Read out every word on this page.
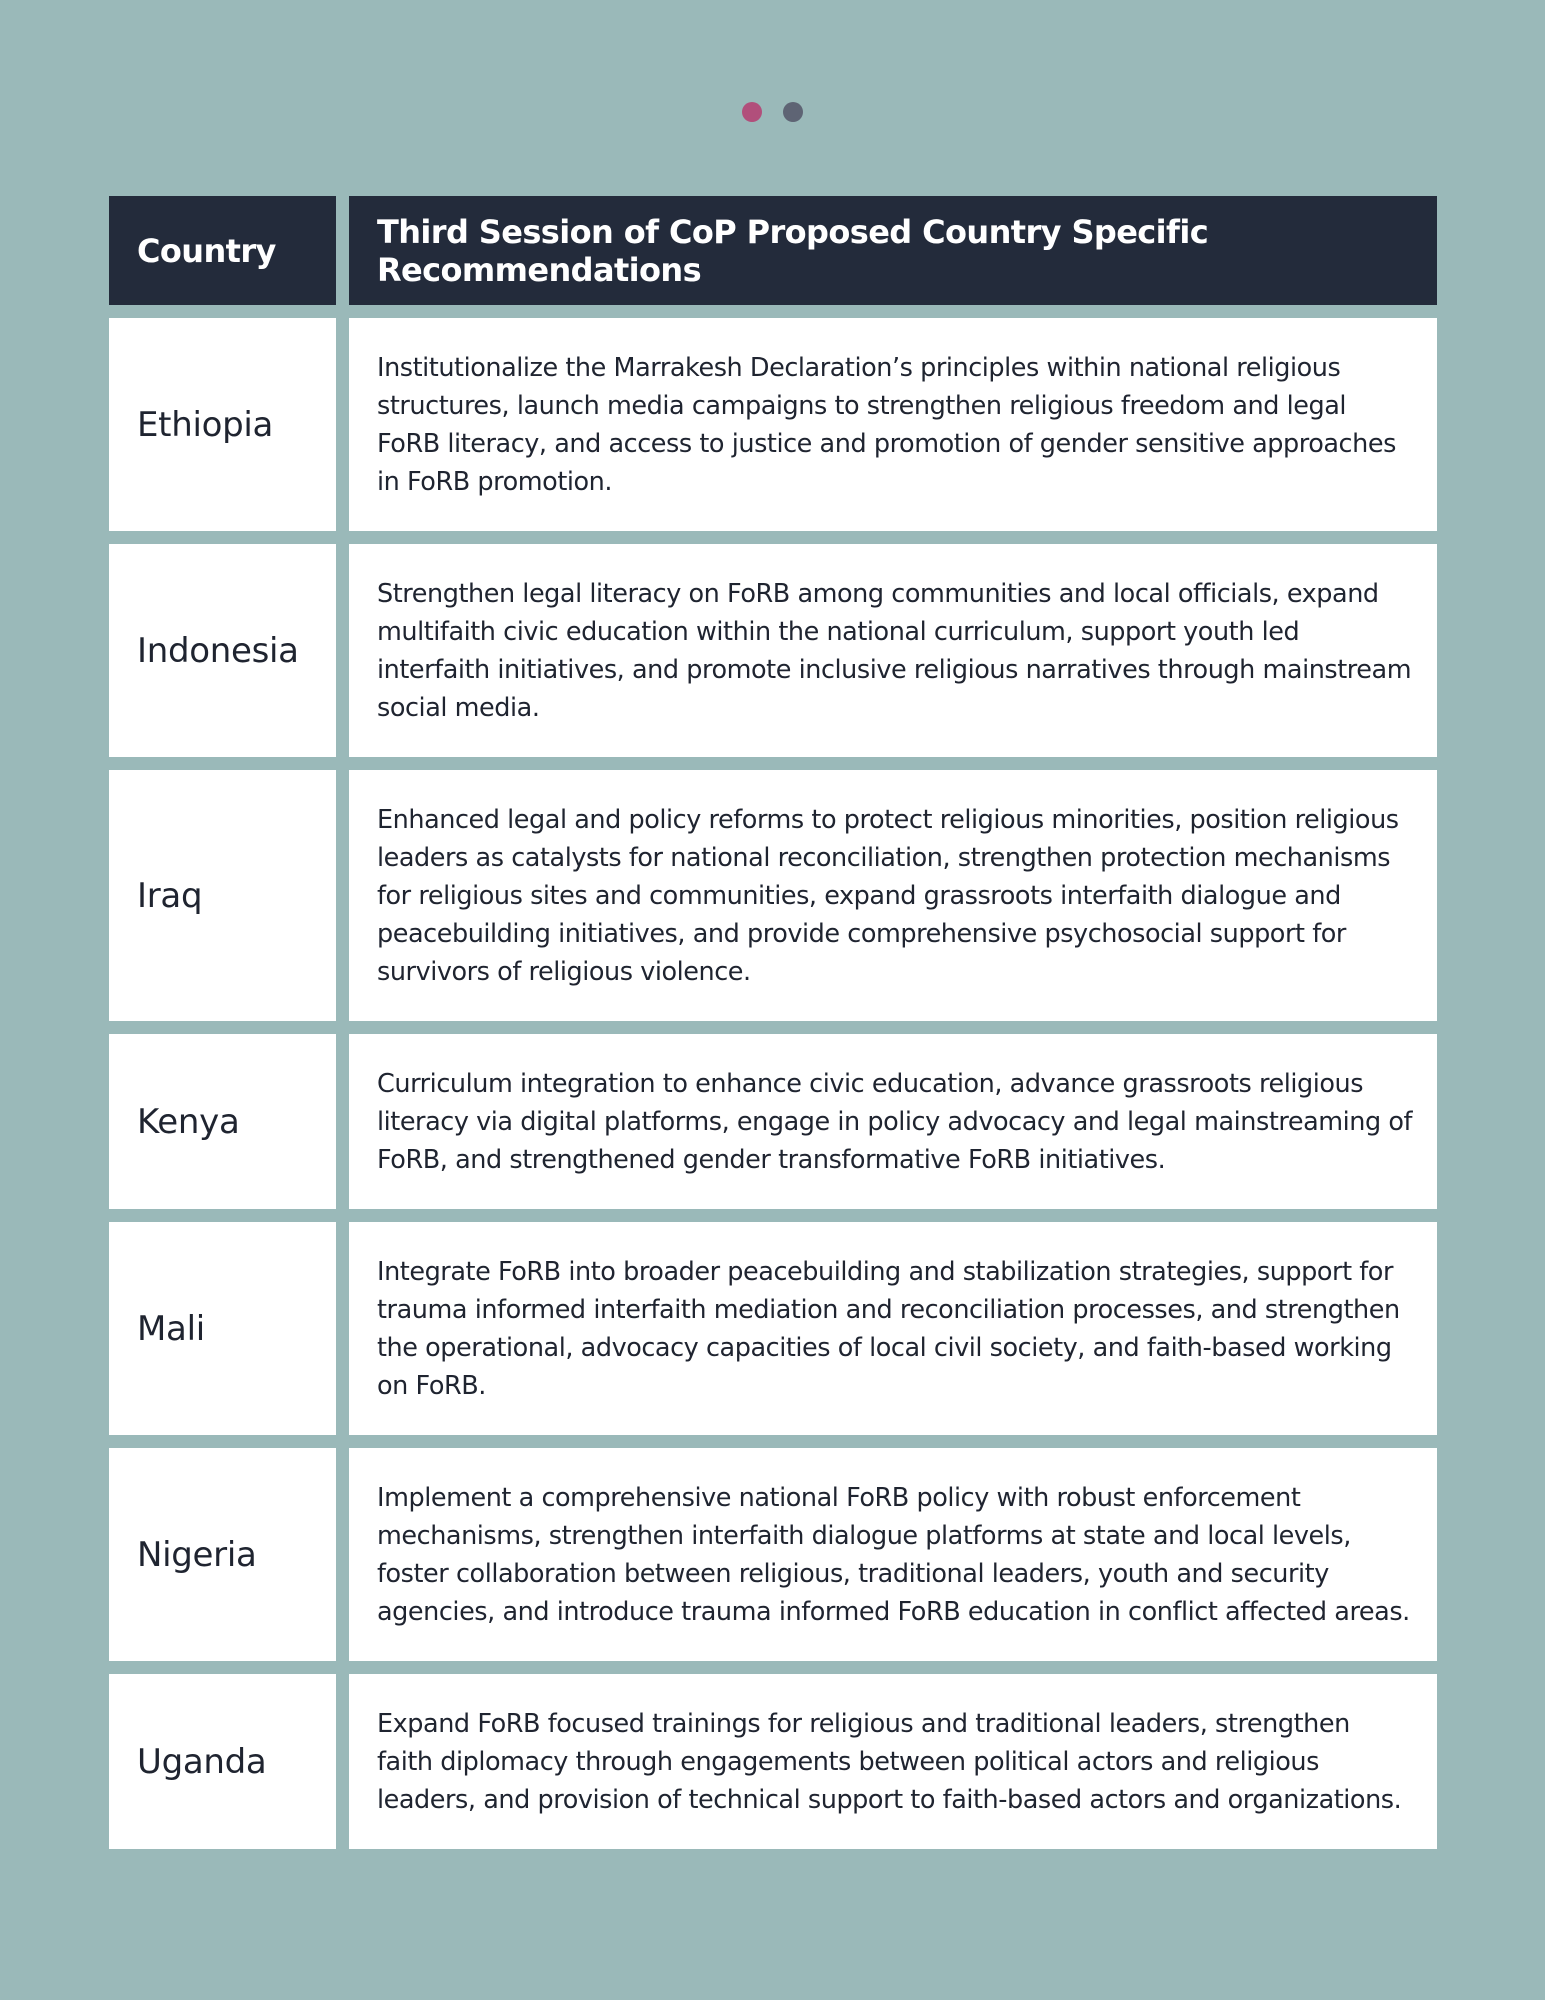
Country	Third Session of CoP Proposed Country Specific Recommendations
Ethiopia
Institutionalize the Marrakesh Declaration’s principles within national religious structures, launch media campaigns to strengthen religious freedom and legal FoRB literacy, and access to justice and promotion of gender sensitive approaches in FoRB promotion.
Indonesia
Strengthen legal literacy on FoRB among communities and local officials, expand multifaith civic education within the national curriculum, support youth led interfaith initiatives, and promote inclusive religious narratives through mainstream social media.
Iraq
Enhanced legal and policy reforms to protect religious minorities, position religious leaders as catalysts for national reconciliation, strengthen protection mechanisms for religious sites and communities, expand grassroots interfaith dialogue and peacebuilding initiatives, and provide comprehensive psychosocial support for survivors of religious violence.
Kenya
Curriculum integration to enhance civic education, advance grassroots religious literacy via digital platforms, engage in policy advocacy and legal mainstreaming of FoRB, and strengthened gender transformative FoRB initiatives.
Mali
Integrate FoRB into broader peacebuilding and stabilization strategies, support for trauma informed interfaith mediation and reconciliation processes, and strengthen the operational, advocacy capacities of local civil society, and faith-based working on FoRB.
Nigeria
Implement a comprehensive national FoRB policy with robust enforcement mechanisms, strengthen interfaith dialogue platforms at state and local levels, foster collaboration between religious, traditional leaders, youth and security agencies, and introduce trauma informed FoRB education in conflict affected areas.
Uganda
Expand FoRB focused trainings for religious and traditional leaders, strengthen faith diplomacy through engagements between political actors and religious leaders, and provision of technical support to faith-based actors and organizations.
